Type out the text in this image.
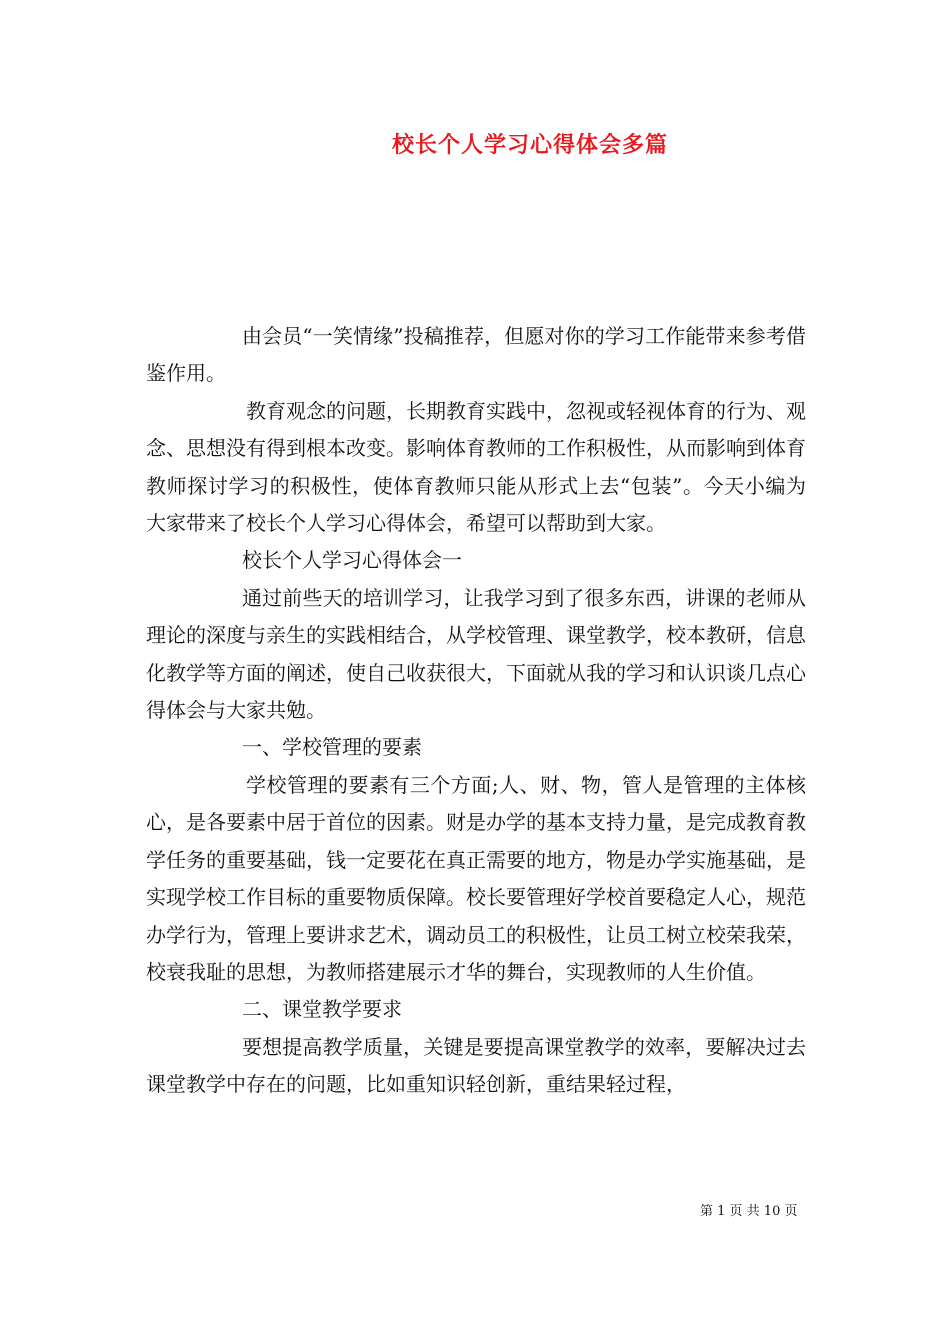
校长个人学习心得体会多篇

由会员“一笑情缘”投稿推荐，但愿对你的学习工作能带来参考借鉴作用。

教育观念的问题，长期教育实践中，忽视或轻视体育的行为、观念、思想没有得到根本改变。影响体育教师的工作积极性，从而影响到体育教师探讨学习的积极性，使体育教师只能从形式上去“包装”。今天小编为大家带来了校长个人学习心得体会，希望可以帮助到大家。

校长个人学习心得体会一

通过前些天的培训学习，让我学习到了很多东西，讲课的老师从理论的深度与亲生的实践相结合，从学校管理、课堂教学，校本教研，信息化教学等方面的阐述，使自己收获很大，下面就从我的学习和认识谈几点心得体会与大家共勉。

一、学校管理的要素

学校管理的要素有三个方面;人、财、物，管人是管理的主体核心，是各要素中居于首位的因素。财是办学的基本支持力量，是完成教育教学任务的重要基础，钱一定要花在真正需要的地方，物是办学实施基础，是实现学校工作目标的重要物质保障。校长要管理好学校首要稳定人心，规范办学行为，管理上要讲求艺术，调动员工的积极性，让员工树立校荣我荣，校衰我耻的思想，为教师搭建展示才华的舞台，实现教师的人生价值。

二、课堂教学要求

要想提高教学质量，关键是要提高课堂教学的效率，要解决过去课堂教学中存在的问题，比如重知识轻创新，重结果轻过程，

第 1 页 共 10 页
